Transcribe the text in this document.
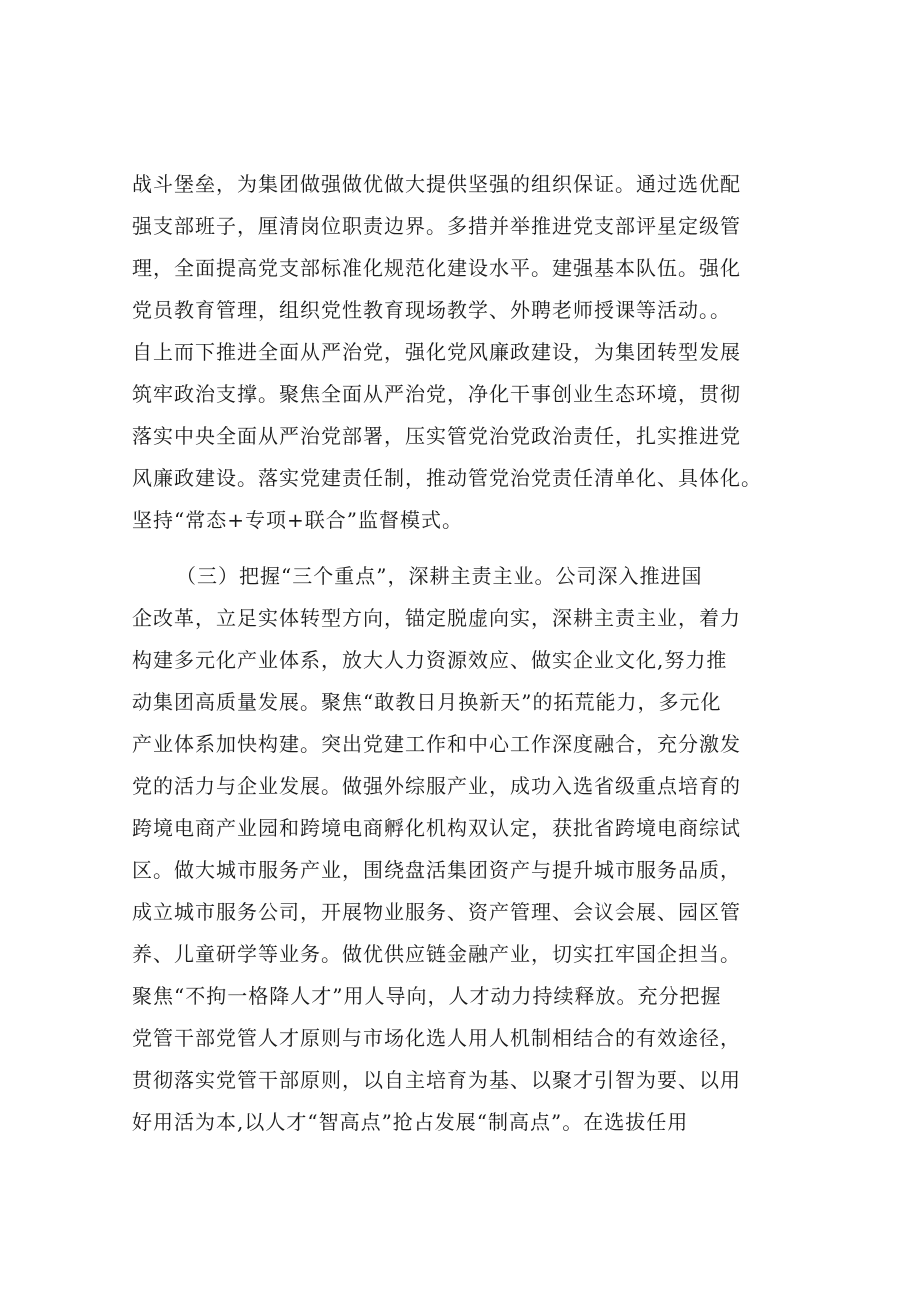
战斗堡垒，为集团做强做优做大提供坚强的组织保证。通过选优配
强支部班子，厘清岗位职责边界。多措并举推进党支部评星定级管
理，全面提高党支部标准化规范化建设水平。建强基本队伍。强化
党员教育管理，组织党性教育现场教学、外聘老师授课等活动。。
自上而下推进全面从严治党，强化党风廉政建设，为集团转型发展
筑牢政治支撑。聚焦全面从严治党，净化干事创业生态环境，贯彻
落实中央全面从严治党部署，压实管党治党政治责任，扎实推进党
风廉政建设。落实党建责任制，推动管党治党责任清单化、具体化。
坚持“常态+专项+联合”监督模式。
（三）把握“三个重点”，深耕主责主业。公司深入推进国
企改革，立足实体转型方向，锚定脱虚向实，深耕主责主业，着力
构建多元化产业体系，放大人力资源效应、做实企业文化,努力推
动集团高质量发展。聚焦“敢教日月换新天”的拓荒能力，多元化
产业体系加快构建。突出党建工作和中心工作深度融合，充分激发
党的活力与企业发展。做强外综服产业，成功入选省级重点培育的
跨境电商产业园和跨境电商孵化机构双认定，获批省跨境电商综试
区。做大城市服务产业，围绕盘活集团资产与提升城市服务品质，
成立城市服务公司，开展物业服务、资产管理、会议会展、园区管
养、儿童研学等业务。做优供应链金融产业，切实扛牢国企担当。
聚焦“不拘一格降人才”用人导向，人才动力持续释放。充分把握
党管干部党管人才原则与市场化选人用人机制相结合的有效途径，
贯彻落实党管干部原则，以自主培育为基、以聚才引智为要、以用
好用活为本,以人才“智高点”抢占发展“制高点”。在选拔任用
